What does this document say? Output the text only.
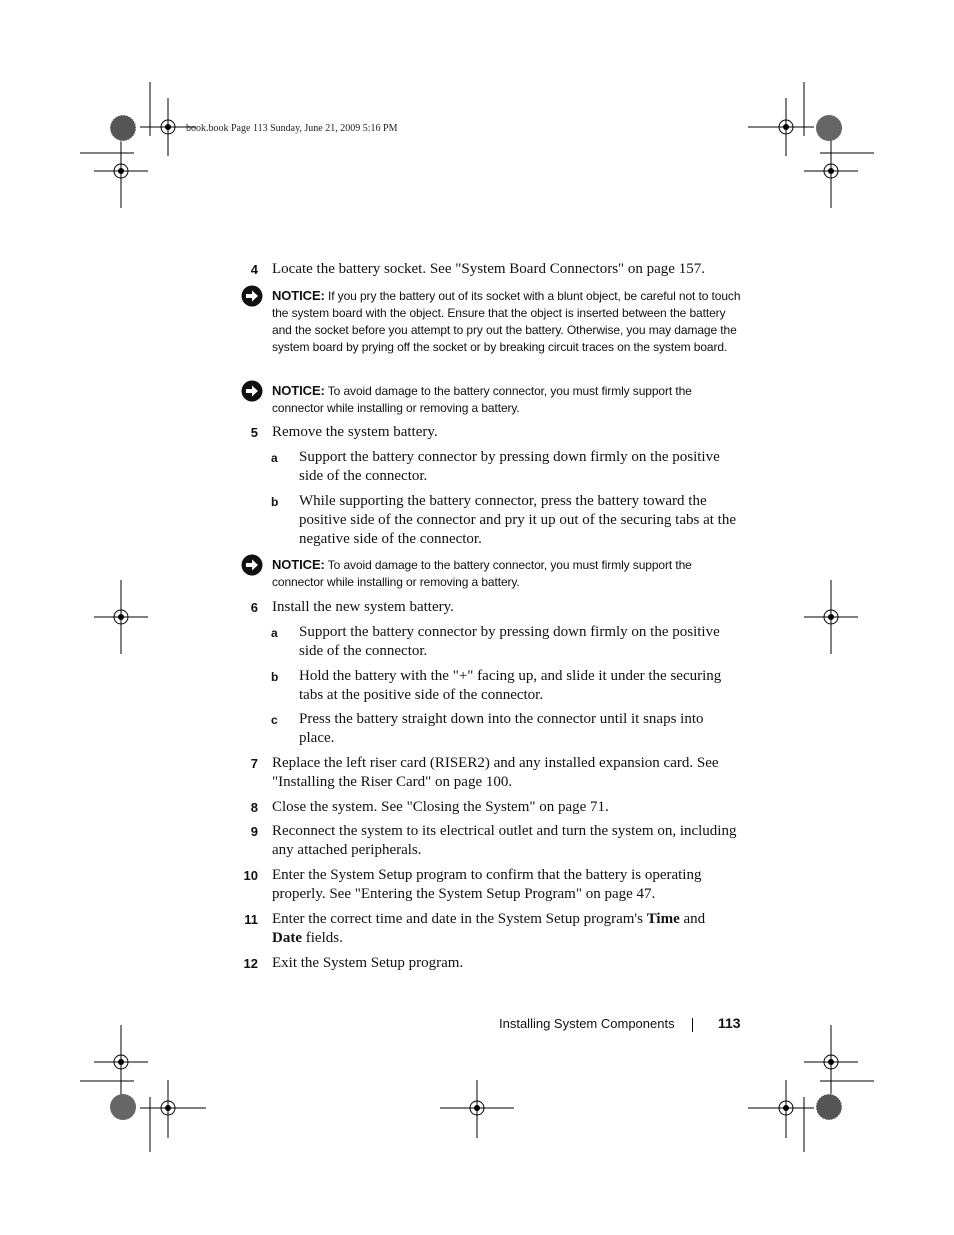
book.book Page 113 Sunday, June 21, 2009 5:16 PM
4 Locate the battery socket. See "System Board Connectors" on page 157.
NOTICE: If you pry the battery out of its socket with a blunt object, be careful not to touch the system board with the object. Ensure that the object is inserted between the battery and the socket before you attempt to pry out the battery. Otherwise, you may damage the system board by prying off the socket or by breaking circuit traces on the system board.
NOTICE: To avoid damage to the battery connector, you must firmly support the connector while installing or removing a battery.
5 Remove the system battery.
a Support the battery connector by pressing down firmly on the positive side of the connector.
b While supporting the battery connector, press the battery toward the positive side of the connector and pry it up out of the securing tabs at the negative side of the connector.
NOTICE: To avoid damage to the battery connector, you must firmly support the connector while installing or removing a battery.
6 Install the new system battery.
a Support the battery connector by pressing down firmly on the positive side of the connector.
b Hold the battery with the "+" facing up, and slide it under the securing tabs at the positive side of the connector.
c Press the battery straight down into the connector until it snaps into place.
7 Replace the left riser card (RISER2) and any installed expansion card. See "Installing the Riser Card" on page 100.
8 Close the system. See "Closing the System" on page 71.
9 Reconnect the system to its electrical outlet and turn the system on, including any attached peripherals.
10 Enter the System Setup program to confirm that the battery is operating properly. See "Entering the System Setup Program" on page 47.
11 Enter the correct time and date in the System Setup program's Time and Date fields.
12 Exit the System Setup program.
Installing System Components	113
